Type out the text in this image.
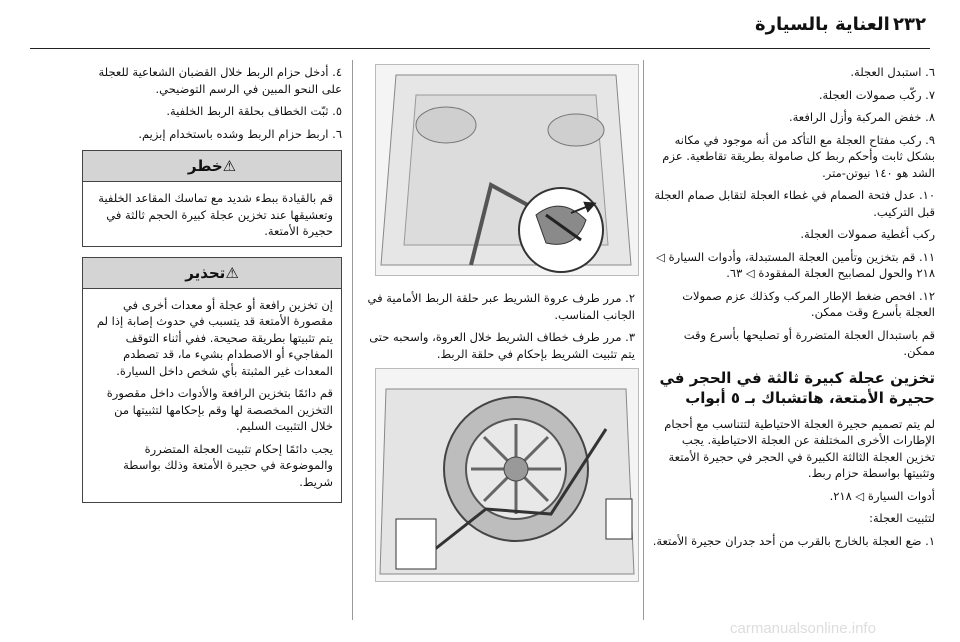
٢٣٢
العناية بالسيارة

٦. استبدل العجلة.

٧. ركّب صمولات العجلة.

٨. خفض المركبة وأزل الرافعة.

٩. ركب مفتاح العجلة مع التأكد من أنه موجود في مكانه بشكل ثابت وأحكم ربط كل صامولة بطريقة تقاطعية. عزم الشد هو ١٤٠ نيوتن-متر.

١٠. عدل فتحة الصمام في غطاء العجلة لتقابل صمام العجلة قبل التركيب.

ركب أغطية صمولات العجلة.

١١. قم بتخزين وتأمين العجلة المستبدلة، وأدوات السيارة ◁ ٢١٨ والحول لمصابيح العجلة المفقودة ◁ ٦٣.

١٢. افحص ضغط الإطار المركب وكذلك عزم صمولات العجلة بأسرع وقت ممكن.

قم باستبدال العجلة المتضررة أو تصليحها بأسرع وقت ممكن.

تخزين عجلة كبيرة ثالثة في الحجر في حجيرة الأمتعة، هاتشباك بـ ٥ أبواب

لم يتم تصميم حجيرة العجلة الاحتياطية لتتناسب مع أحجام الإطارات الأخرى المختلفة عن العجلة الاحتياطية. يجب تخزين العجلة الثالثة الكبيرة في الحجر في حجيرة الأمتعة وتثبيتها بواسطة حزام ربط.

أدوات السيارة ◁ ٢١٨.

لتثبيت العجلة:

١. ضع العجلة بالخارج بالقرب من أحد جدران حجيرة الأمتعة.

٢. مرر طرف عروة الشريط عبر حلقة الربط الأمامية في الجانب المناسب.

٣. مرر طرف خطاف الشريط خلال العروة، واسحبه حتى يتم تثبيت الشريط بإحكام في حلقة الربط.

٤. أدخل حزام الربط خلال القضبان الشعاعية للعجلة على النحو المبين في الرسم التوضيحي.

٥. ثبّت الخطاف بحلقة الربط الخلفية.

٦. اربط حزام الربط وشده باستخدام إبزيم.

⚠خطر
قم بالقيادة ببطء شديد مع تماسك المقاعد الخلفية وتعشيقها عند تخزين عجلة كبيرة الحجم ثالثة في حجيرة الأمتعة.
⚠تحذير

إن تخزين رافعة أو عجلة أو معدات أخرى في مقصورة الأمتعة قد يتسبب في حدوث إصابة إذا لم يتم تثبيتها بطريقة صحيحة. ففي أثناء التوقف المفاجيء أو الاصطدام بشيء ما، قد تصطدم المعدات غير المثبتة بأي شخص داخل السيارة.

قم دائمًا بتخزين الرافعة والأدوات داخل مقصورة التخزين المخصصة لها وقم بإحكامها لتثبيتها من خلال التثبيت السليم.

يجب دائمًا إحكام تثبيت العجلة المتضررة والموضوعة في حجيرة الأمتعة وذلك بواسطة شريط.

carmanualsonline.info
